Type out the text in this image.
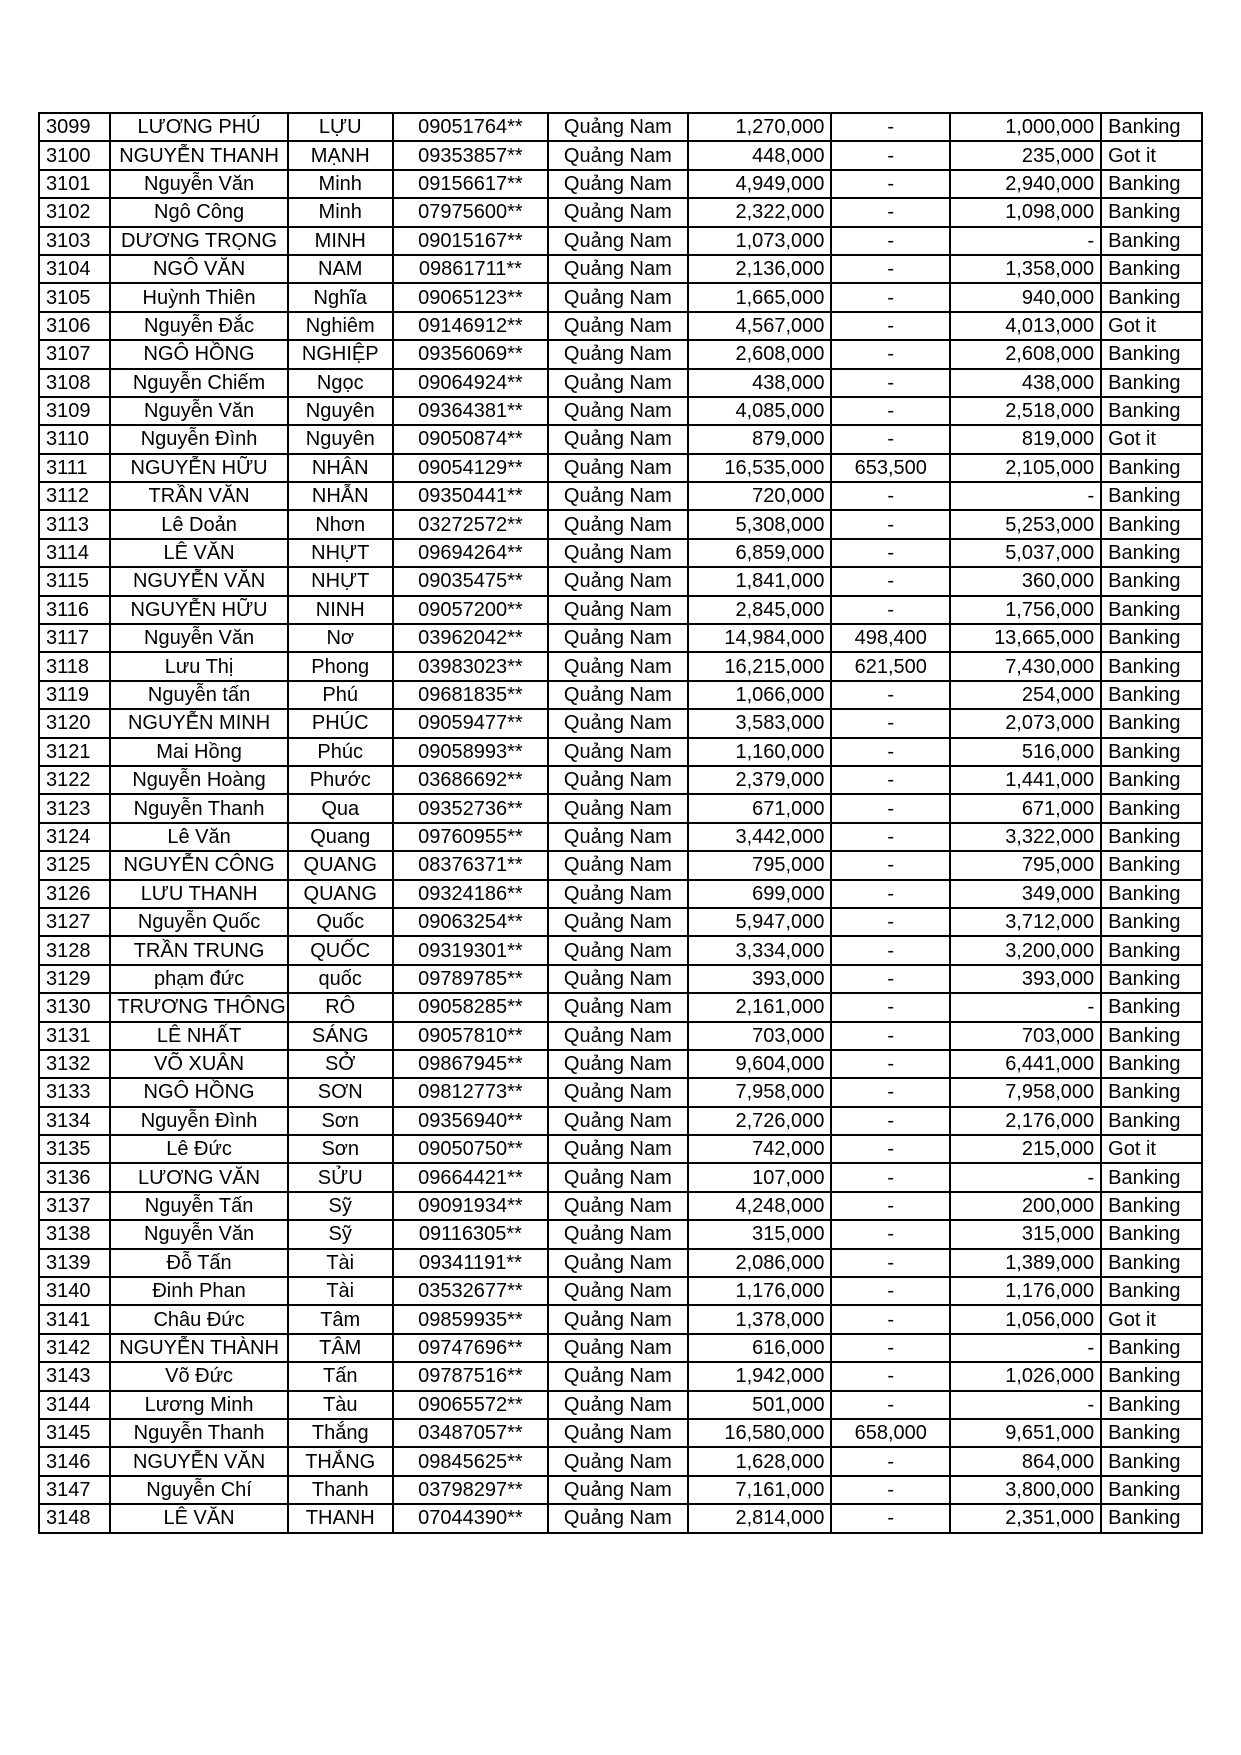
3099	LƯƠNG PHÚ	LỰU	09051764**	Quảng Nam	1,270,000	-	1,000,000	Banking
3100	NGUYỄN THANH	MẠNH	09353857**	Quảng Nam	448,000	-	235,000	Got it
3101	Nguyễn Văn	Minh	09156617**	Quảng Nam	4,949,000	-	2,940,000	Banking
3102	Ngô Công	Minh	07975600**	Quảng Nam	2,322,000	-	1,098,000	Banking
3103	DƯƠNG TRỌNG	MINH	09015167**	Quảng Nam	1,073,000	-	-	Banking
3104	NGÔ VĂN	NAM	09861711**	Quảng Nam	2,136,000	-	1,358,000	Banking
3105	Huỳnh Thiên	Nghĩa	09065123**	Quảng Nam	1,665,000	-	940,000	Banking
3106	Nguyễn Đắc	Nghiêm	09146912**	Quảng Nam	4,567,000	-	4,013,000	Got it
3107	NGÔ HỒNG	NGHIỆP	09356069**	Quảng Nam	2,608,000	-	2,608,000	Banking
3108	Nguyễn Chiếm	Ngọc	09064924**	Quảng Nam	438,000	-	438,000	Banking
3109	Nguyễn Văn	Nguyên	09364381**	Quảng Nam	4,085,000	-	2,518,000	Banking
3110	Nguyễn Đình	Nguyên	09050874**	Quảng Nam	879,000	-	819,000	Got it
3111	NGUYỄN HỮU	NHÂN	09054129**	Quảng Nam	16,535,000	653,500	2,105,000	Banking
3112	TRẦN VĂN	NHẪN	09350441**	Quảng Nam	720,000	-	-	Banking
3113	Lê Doản	Nhơn	03272572**	Quảng Nam	5,308,000	-	5,253,000	Banking
3114	LÊ VĂN	NHỰT	09694264**	Quảng Nam	6,859,000	-	5,037,000	Banking
3115	NGUYỄN VĂN	NHỰT	09035475**	Quảng Nam	1,841,000	-	360,000	Banking
3116	NGUYỄN HỮU	NINH	09057200**	Quảng Nam	2,845,000	-	1,756,000	Banking
3117	Nguyễn Văn	Nơ	03962042**	Quảng Nam	14,984,000	498,400	13,665,000	Banking
3118	Lưu Thị	Phong	03983023**	Quảng Nam	16,215,000	621,500	7,430,000	Banking
3119	Nguyễn tấn	Phú	09681835**	Quảng Nam	1,066,000	-	254,000	Banking
3120	NGUYỄN MINH	PHÚC	09059477**	Quảng Nam	3,583,000	-	2,073,000	Banking
3121	Mai Hồng	Phúc	09058993**	Quảng Nam	1,160,000	-	516,000	Banking
3122	Nguyễn Hoàng	Phước	03686692**	Quảng Nam	2,379,000	-	1,441,000	Banking
3123	Nguyễn Thanh	Qua	09352736**	Quảng Nam	671,000	-	671,000	Banking
3124	Lê Văn	Quang	09760955**	Quảng Nam	3,442,000	-	3,322,000	Banking
3125	NGUYỄN CÔNG	QUANG	08376371**	Quảng Nam	795,000	-	795,000	Banking
3126	LƯU THANH	QUANG	09324186**	Quảng Nam	699,000	-	349,000	Banking
3127	Nguyễn Quốc	Quốc	09063254**	Quảng Nam	5,947,000	-	3,712,000	Banking
3128	TRẦN TRUNG	QUỐC	09319301**	Quảng Nam	3,334,000	-	3,200,000	Banking
3129	phạm đức	quốc	09789785**	Quảng Nam	393,000	-	393,000	Banking
3130	TRƯƠNG THÔNG	RÔ	09058285**	Quảng Nam	2,161,000	-	-	Banking
3131	LÊ NHẤT	SÁNG	09057810**	Quảng Nam	703,000	-	703,000	Banking
3132	VÕ XUÂN	SỞ	09867945**	Quảng Nam	9,604,000	-	6,441,000	Banking
3133	NGÔ HỒNG	SƠN	09812773**	Quảng Nam	7,958,000	-	7,958,000	Banking
3134	Nguyễn Đình	Sơn	09356940**	Quảng Nam	2,726,000	-	2,176,000	Banking
3135	Lê Đức	Sơn	09050750**	Quảng Nam	742,000	-	215,000	Got it
3136	LƯƠNG VĂN	SỬU	09664421**	Quảng Nam	107,000	-	-	Banking
3137	Nguyễn Tấn	Sỹ	09091934**	Quảng Nam	4,248,000	-	200,000	Banking
3138	Nguyễn Văn	Sỹ	09116305**	Quảng Nam	315,000	-	315,000	Banking
3139	Đỗ Tấn	Tài	09341191**	Quảng Nam	2,086,000	-	1,389,000	Banking
3140	Đinh Phan	Tài	03532677**	Quảng Nam	1,176,000	-	1,176,000	Banking
3141	Châu Đức	Tâm	09859935**	Quảng Nam	1,378,000	-	1,056,000	Got it
3142	NGUYỄN THÀNH	TÂM	09747696**	Quảng Nam	616,000	-	-	Banking
3143	Võ Đức	Tấn	09787516**	Quảng Nam	1,942,000	-	1,026,000	Banking
3144	Lương Minh	Tàu	09065572**	Quảng Nam	501,000	-	-	Banking
3145	Nguyễn Thanh	Thắng	03487057**	Quảng Nam	16,580,000	658,000	9,651,000	Banking
3146	NGUYỄN VĂN	THẮNG	09845625**	Quảng Nam	1,628,000	-	864,000	Banking
3147	Nguyễn Chí	Thanh	03798297**	Quảng Nam	7,161,000	-	3,800,000	Banking
3148	LÊ VĂN	THANH	07044390**	Quảng Nam	2,814,000	-	2,351,000	Banking
